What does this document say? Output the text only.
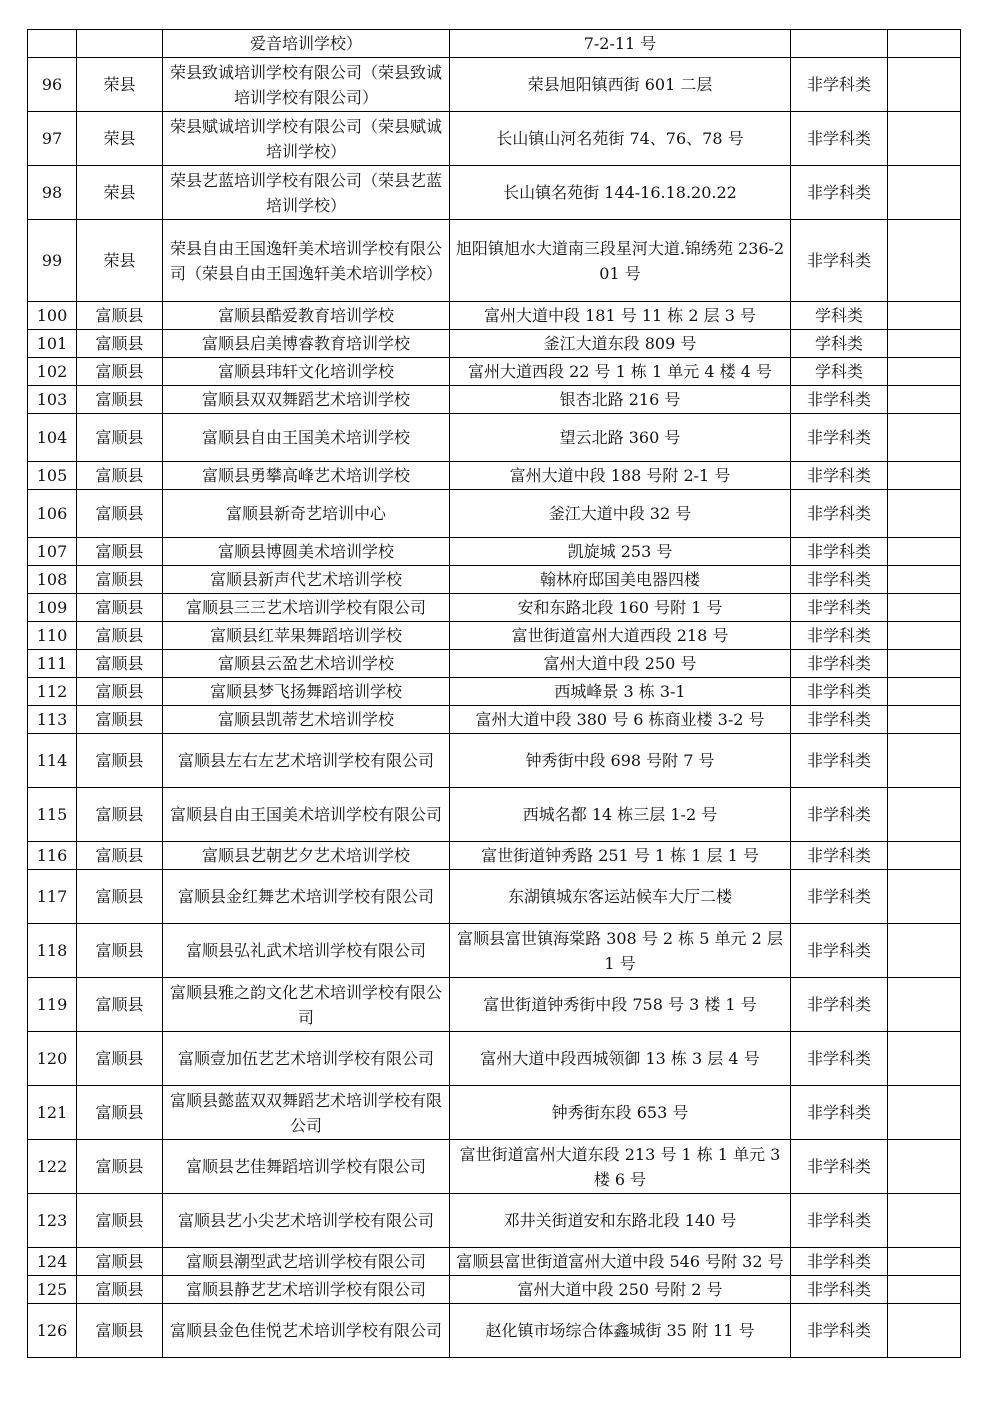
		爱音培训学校）	7-2-11 号		
96	荣县	荣县致诚培训学校有限公司（荣县致诚培训学校有限公司）	荣县旭阳镇西街 601 二层	非学科类	
97	荣县	荣县赋诚培训学校有限公司（荣县赋诚培训学校）	长山镇山河名苑街 74、76、78 号	非学科类	
98	荣县	荣县艺蓝培训学校有限公司（荣县艺蓝培训学校）	长山镇名苑街 144-16.18.20.22	非学科类	
99	荣县	荣县自由王国逸轩美术培训学校有限公司（荣县自由王国逸轩美术培训学校）	旭阳镇旭水大道南三段星河大道.锦绣苑 236-201 号	非学科类	
100	富顺县	富顺县酷爱教育培训学校	富州大道中段 181 号 11 栋 2 层 3 号	学科类	
101	富顺县	富顺县启美博睿教育培训学校	釜江大道东段 809 号	学科类	
102	富顺县	富顺县玮轩文化培训学校	富州大道西段 22 号 1 栋 1 单元 4 楼 4 号	学科类	
103	富顺县	富顺县双双舞蹈艺术培训学校	银杏北路 216 号	非学科类	
104	富顺县	富顺县自由王国美术培训学校	望云北路 360 号	非学科类	
105	富顺县	富顺县勇攀高峰艺术培训学校	富州大道中段 188 号附 2-1 号	非学科类	
106	富顺县	富顺县新奇艺培训中心	釜江大道中段 32 号	非学科类	
107	富顺县	富顺县博圆美术培训学校	凯旋城 253 号	非学科类	
108	富顺县	富顺县新声代艺术培训学校	翰林府邸国美电器四楼	非学科类	
109	富顺县	富顺县三三艺术培训学校有限公司	安和东路北段 160 号附 1 号	非学科类	
110	富顺县	富顺县红苹果舞蹈培训学校	富世街道富州大道西段 218 号	非学科类	
111	富顺县	富顺县云盈艺术培训学校	富州大道中段 250 号	非学科类	
112	富顺县	富顺县梦飞扬舞蹈培训学校	西城峰景 3 栋 3-1	非学科类	
113	富顺县	富顺县凯蒂艺术培训学校	富州大道中段 380 号 6 栋商业楼 3-2 号	非学科类	
114	富顺县	富顺县左右左艺术培训学校有限公司	钟秀街中段 698 号附 7 号	非学科类	
115	富顺县	富顺县自由王国美术培训学校有限公司	西城名都 14 栋三层 1-2 号	非学科类	
116	富顺县	富顺县艺朝艺夕艺术培训学校	富世街道钟秀路 251 号 1 栋 1 层 1 号	非学科类	
117	富顺县	富顺县金红舞艺术培训学校有限公司	东湖镇城东客运站候车大厅二楼	非学科类	
118	富顺县	富顺县弘礼武术培训学校有限公司	富顺县富世镇海棠路 308 号 2 栋 5 单元 2 层 1 号	非学科类	
119	富顺县	富顺县雅之韵文化艺术培训学校有限公司	富世街道钟秀街中段 758 号 3 楼 1 号	非学科类	
120	富顺县	富顺壹加伍艺艺术培训学校有限公司	富州大道中段西城领御 13 栋 3 层 4 号	非学科类	
121	富顺县	富顺县懿蓝双双舞蹈艺术培训学校有限公司	钟秀街东段 653 号	非学科类	
122	富顺县	富顺县艺佳舞蹈培训学校有限公司	富世街道富州大道东段 213 号 1 栋 1 单元 3 楼 6 号	非学科类	
123	富顺县	富顺县艺小尖艺术培训学校有限公司	邓井关街道安和东路北段 140 号	非学科类	
124	富顺县	富顺县潮型武艺培训学校有限公司	富顺县富世街道富州大道中段 546 号附 32 号	非学科类	
125	富顺县	富顺县静艺艺术培训学校有限公司	富州大道中段 250 号附 2 号	非学科类	
126	富顺县	富顺县金色佳悦艺术培训学校有限公司	赵化镇市场综合体鑫城街 35 附 11 号	非学科类	
